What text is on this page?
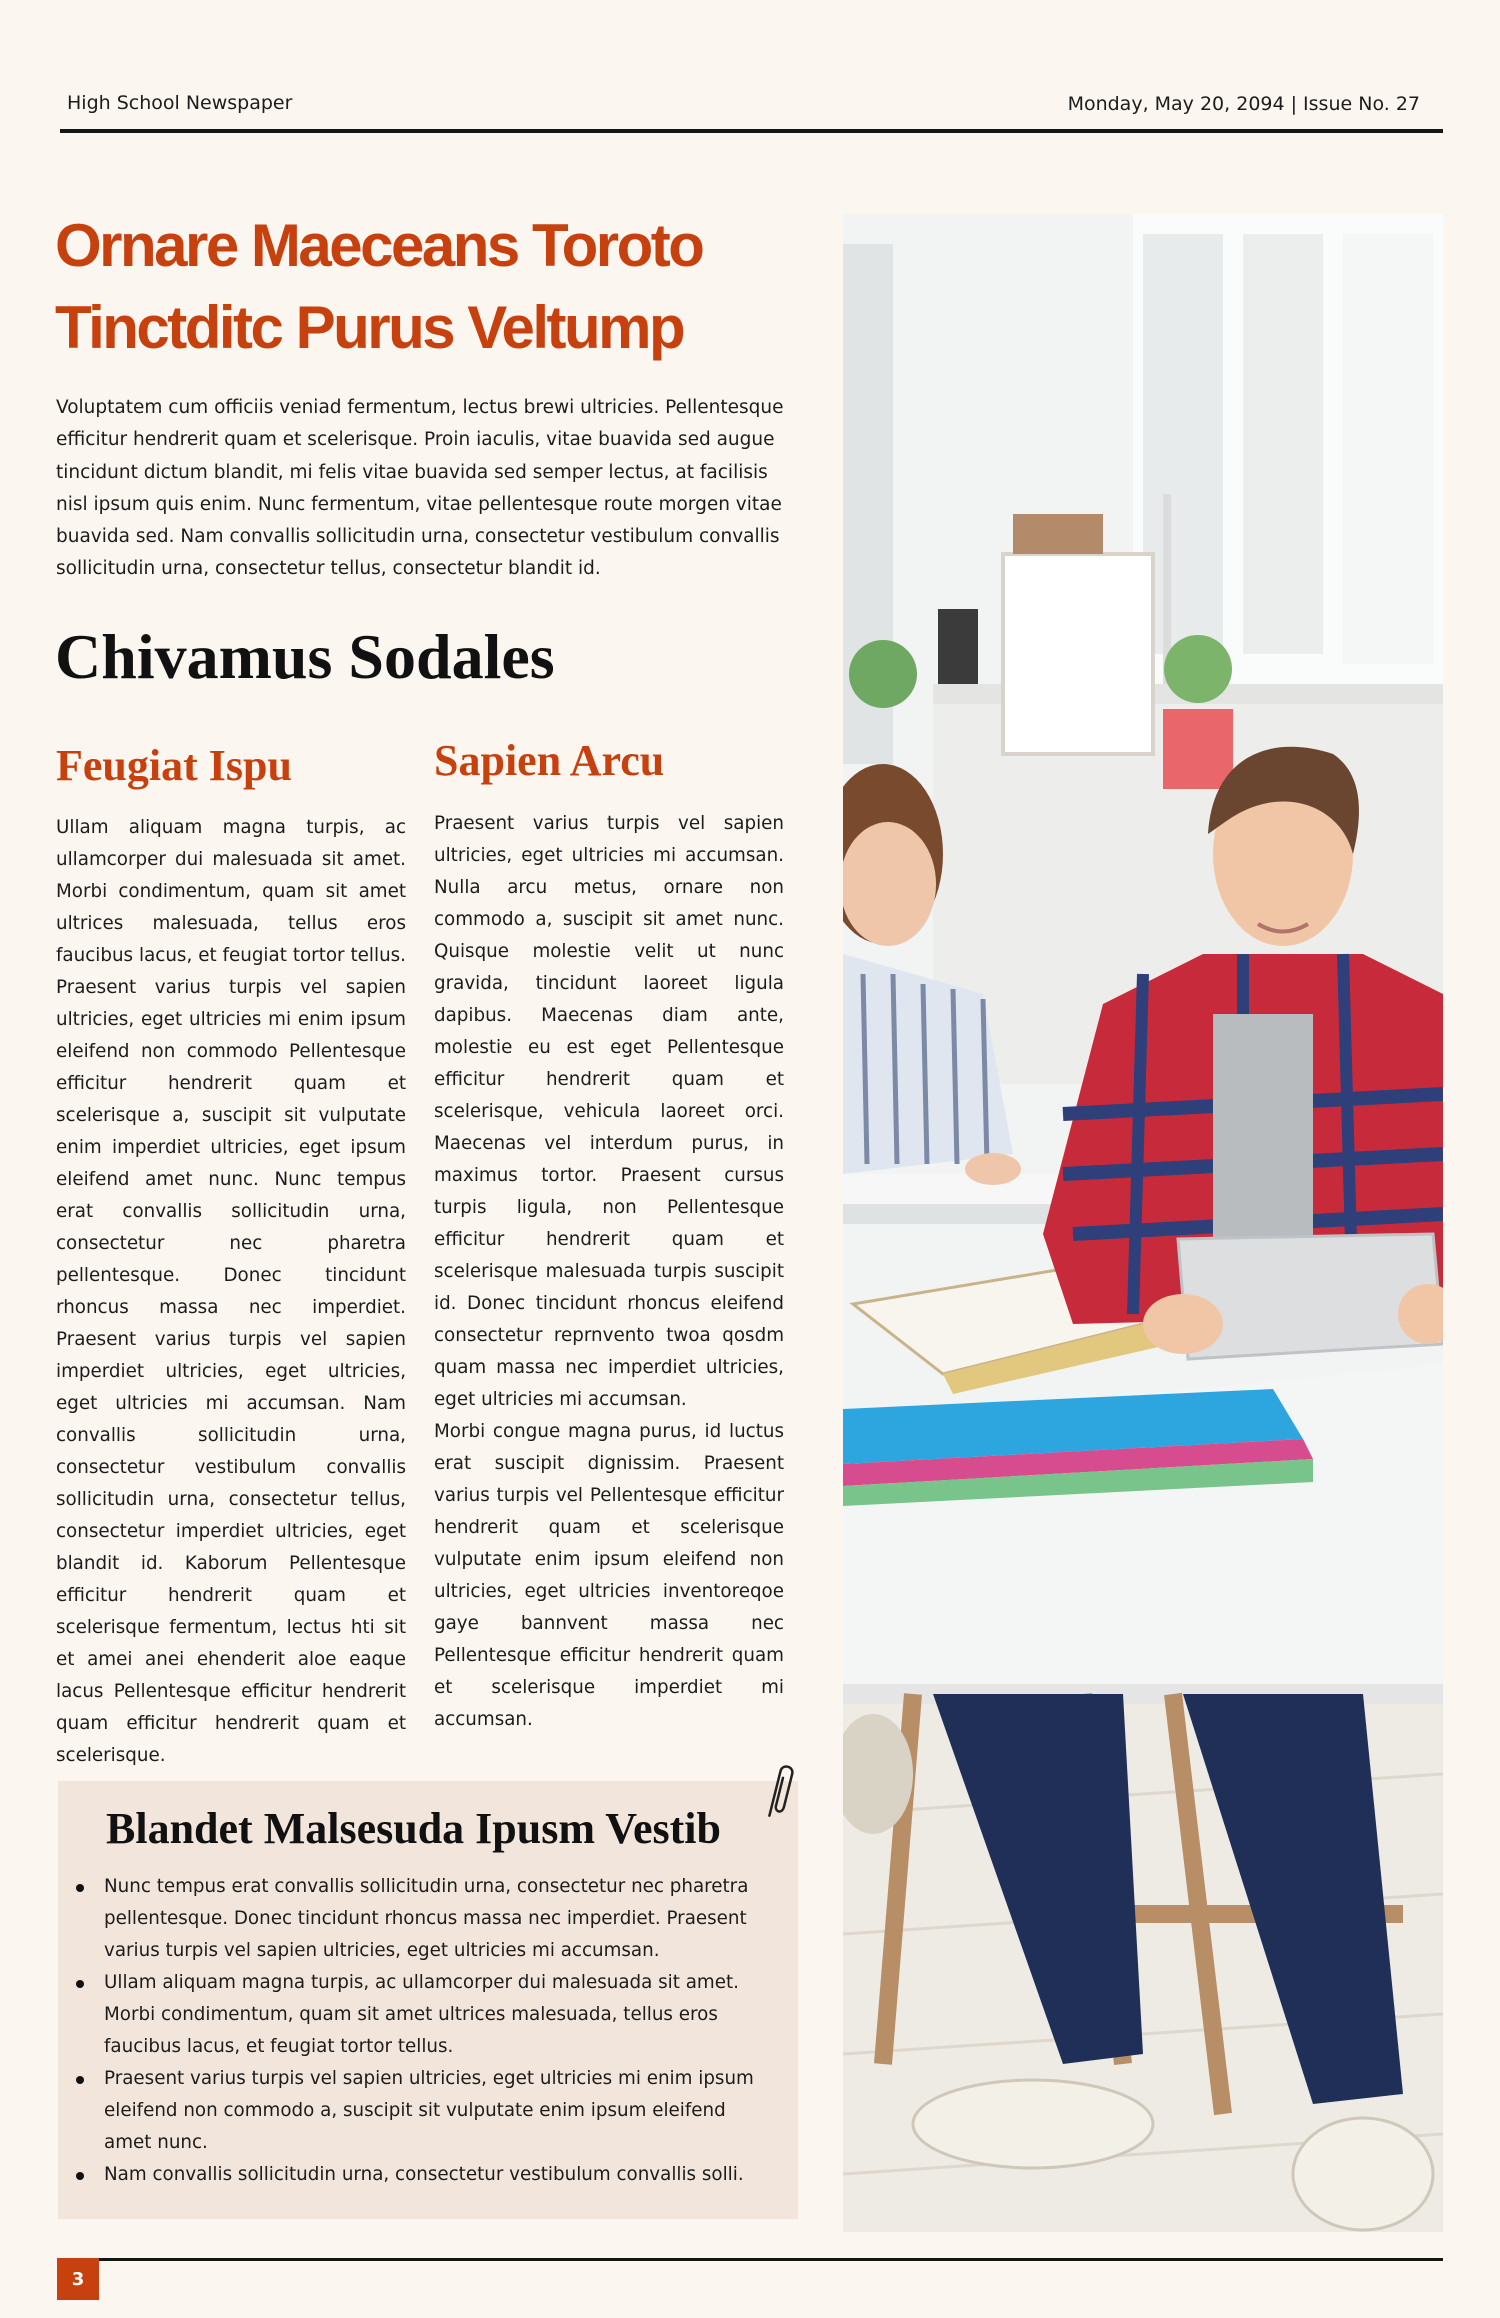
High School Newspaper	Monday, May 20, 2094 | Issue No. 27
Ornare Maeceans Toroto
Tinctditc Purus Veltump

Voluptatem cum officiis veniad fermentum, lectus brewi ultricies. Pellentesque efficitur hendrerit quam et scelerisque. Proin iaculis, vitae buavida sed augue tincidunt dictum blandit, mi felis vitae buavida sed semper lectus, at facilisis nisl ipsum quis enim. Nunc fermentum, vitae pellentesque route morgen vitae buavida sed. Nam convallis sollicitudin urna, consectetur vestibulum convallis sollicitudin urna, consectetur tellus, consectetur blandit id.

Chivamus Sodales
Feugiat Ispu

Ullam aliquam magna turpis, ac ullamcorper dui malesuada sit amet. Morbi condimentum, quam sit amet ultrices malesuada, tellus eros faucibus lacus, et feugiat tortor tellus. Praesent varius turpis vel sapien ultricies, eget ultricies mi enim ipsum eleifend non commodo Pellentesque efficitur hendrerit quam et scelerisque a, suscipit sit vulputate enim imperdiet ultricies, eget ipsum eleifend amet nunc. Nunc tempus erat convallis sollicitudin urna, consectetur nec pharetra pellentesque. Donec tincidunt rhoncus massa nec imperdiet. Praesent varius turpis vel sapien imperdiet ultricies, eget ultricies, eget ultricies mi accumsan. Nam convallis sollicitudin urna, consectetur vestibulum convallis sollicitudin urna, consectetur tellus, consectetur imperdiet ultricies, eget blandit id. Kaborum Pellentesque efficitur hendrerit quam et scelerisque fermentum, lectus hti sit et amei anei ehenderit aloe eaque lacus Pellentesque efficitur hendrerit quam efficitur hendrerit quam et scelerisque.

Sapien Arcu
Praesent varius turpis vel sapien ultricies, eget ultricies mi accumsan. Nulla arcu metus, ornare non commodo a, suscipit sit amet nunc. Quisque molestie velit ut nunc gravida, tincidunt laoreet ligula dapibus. Maecenas diam ante, molestie eu est eget Pellentesque efficitur hendrerit quam et scelerisque, vehicula laoreet orci. Maecenas vel interdum purus, in maximus tortor. Praesent cursus turpis ligula, non Pellentesque efficitur hendrerit quam et scelerisque malesuada turpis suscipit id. Donec tincidunt rhoncus eleifend consectetur reprnvento twoa qosdm quam massa nec imperdiet ultricies, eget ultricies mi accumsan.
Morbi congue magna purus, id luctus erat suscipit dignissim. Praesent varius turpis vel Pellentesque efficitur hendrerit quam et scelerisque vulputate enim ipsum eleifend non ultricies, eget ultricies inventoreqoe gaye bannvent massa nec Pellentesque efficitur hendrerit quam et scelerisque imperdiet mi accumsan.
Blandet Malsesuda Ipusm Vestib
Nunc tempus erat convallis sollicitudin urna, consectetur nec pharetra pellentesque. Donec tincidunt rhoncus massa nec imperdiet. Praesent varius turpis vel sapien ultricies, eget ultricies mi accumsan.
Ullam aliquam magna turpis, ac ullamcorper dui malesuada sit amet. Morbi condimentum, quam sit amet ultrices malesuada, tellus eros faucibus lacus, et feugiat tortor tellus.
Praesent varius turpis vel sapien ultricies, eget ultricies mi enim ipsum eleifend non commodo a, suscipit sit vulputate enim ipsum eleifend amet nunc.
Nam convallis sollicitudin urna, consectetur vestibulum convallis solli.
3
